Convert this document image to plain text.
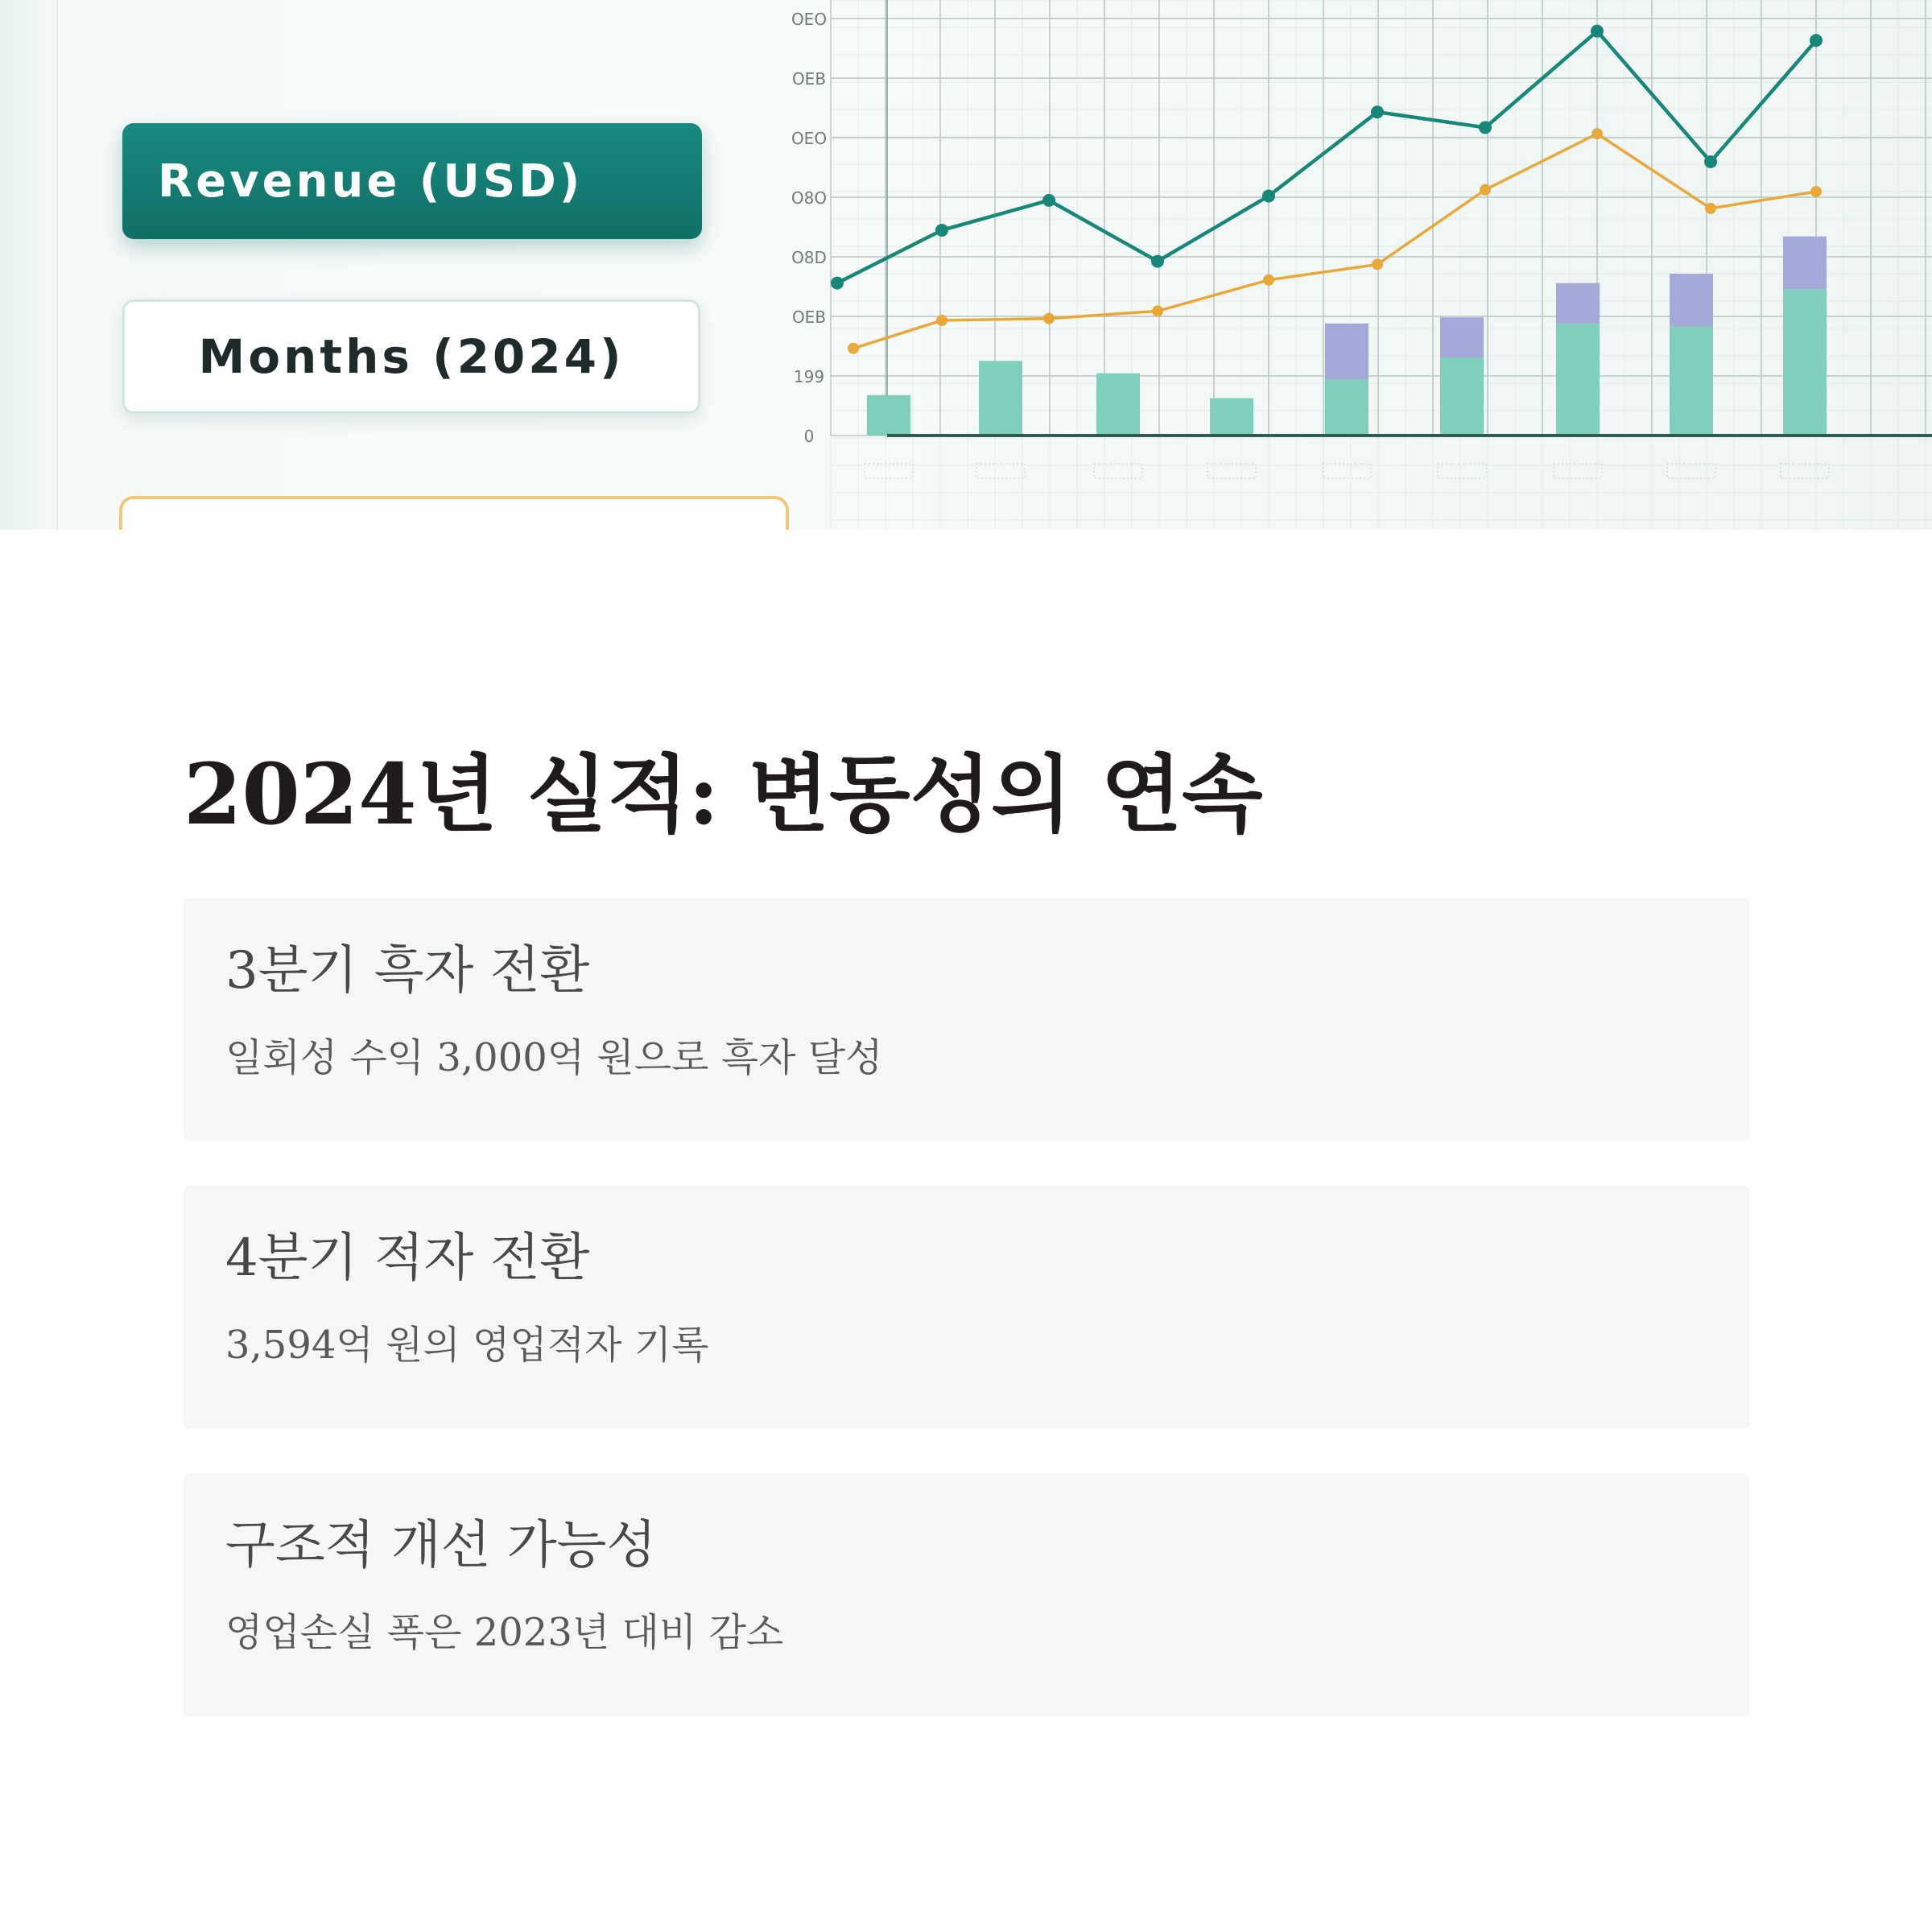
Revenue (USD)
Months (2024)
0
199
OEB
O8D
O8O
OEO
OEB
OEO
2024년 실적: 변동성의 연속
3분기 흑자 전환

일회성 수익 3,000억 원으로 흑자 달성

4분기 적자 전환

3,594억 원의 영업적자 기록

구조적 개선 가능성

영업손실 폭은 2023년 대비 감소
